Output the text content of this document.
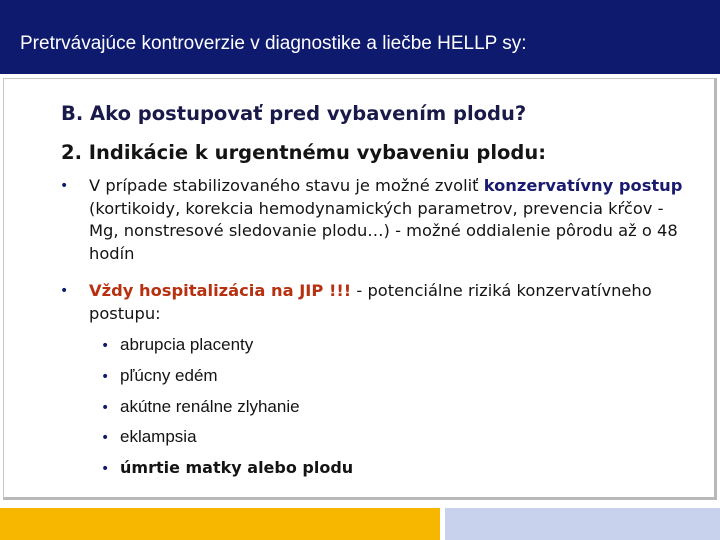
Pretrvávajúce kontroverzie v diagnostike a liečbe HELLP sy:
B. Ako postupovať pred vybavením plodu?
2. Indikácie k urgentnému vybaveniu plodu:
• V prípade stabilizovaného stavu je možné zvoliť konzervatívny postup (kortikoidy, korekcia hemodynamických parametrov, prevencia kŕčov - Mg, nonstresové sledovanie plodu…) - možné oddialenie pôrodu až o 48 hodín
• Vždy hospitalizácia na JIP !!! - potenciálne riziká konzervatívneho postupu:
• abrupcia placenty
• pľúcny edém
• akútne renálne zlyhanie
• eklampsia
• úmrtie matky alebo plodu
